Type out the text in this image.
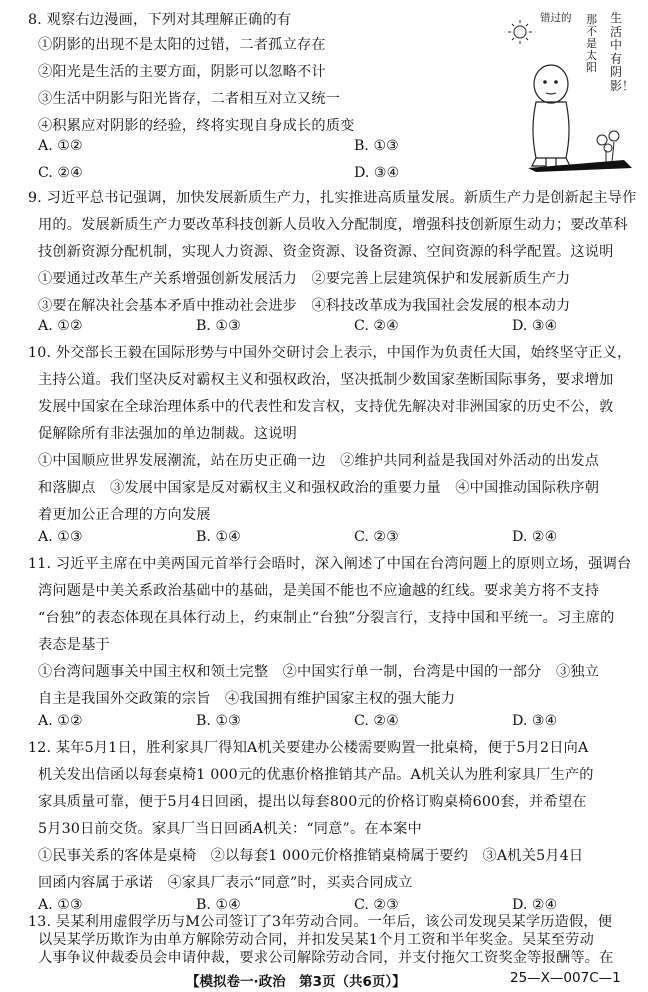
8. 观察右边漫画，下列对其理解正确的有
①阴影的出现不是太阳的过错，二者孤立存在
②阳光是生活的主要方面，阴影可以忽略不计
③生活中阴影与阳光皆存，二者相互对立又统一
④积累应对阴影的经验，终将实现自身成长的质变
A. ①②	B. ①③
C. ②④	D. ③④
错过的 那不是太阳
生活中有阴影！
9. 习近平总书记强调，加快发展新质生产力，扎实推进高质量发展。新质生产力是创新起主导作
用的。发展新质生产力要改革科技创新人员收入分配制度，增强科技创新原生动力；要改革科
技创新资源分配机制，实现人力资源、资金资源、设备资源、空间资源的科学配置。这说明
①要通过改革生产关系增强创新发展活力　②要完善上层建筑保护和发展新质生产力
③要在解决社会基本矛盾中推动社会进步　④科技改革成为我国社会发展的根本动力
A. ①②	B. ①③	C. ②④	D. ③④
10. 外交部长王毅在国际形势与中国外交研讨会上表示，中国作为负责任大国，始终坚守正义，
主持公道。我们坚决反对霸权主义和强权政治，坚决抵制少数国家垄断国际事务，要求增加
发展中国家在全球治理体系中的代表性和发言权，支持优先解决对非洲国家的历史不公，敦
促解除所有非法强加的单边制裁。这说明
①中国顺应世界发展潮流，站在历史正确一边　②维护共同利益是我国对外活动的出发点
和落脚点　③发展中国家是反对霸权主义和强权政治的重要力量　④中国推动国际秩序朝
着更加公正合理的方向发展
A. ①③	B. ①④	C. ②③	D. ②④
11. 习近平主席在中美两国元首举行会晤时，深入阐述了中国在台湾问题上的原则立场，强调台
湾问题是中美关系政治基础中的基础，是美国不能也不应逾越的红线。要求美方将不支持
“台独”的表态体现在具体行动上，约束制止“台独”分裂言行，支持中国和平统一。习主席的
表态是基于
①台湾问题事关中国主权和领土完整　②中国实行单一制，台湾是中国的一部分　③独立
自主是我国外交政策的宗旨　④我国拥有维护国家主权的强大能力
A. ①②	B. ①③	C. ②④	D. ③④
12. 某年5月1日，胜利家具厂得知A机关要建办公楼需要购置一批桌椅，便于5月2日向A
机关发出信函以每套桌椅1 000元的优惠价格推销其产品。A机关认为胜利家具厂生产的
家具质量可靠，便于5月4日回函，提出以每套800元的价格订购桌椅600套，并希望在
5月30日前交货。家具厂当日回函A机关：“同意”。在本案中
①民事关系的客体是桌椅　②以每套1 000元价格推销桌椅属于要约　③A机关5月4日
回函内容属于承诺　④家具厂表示“同意”时，买卖合同成立
A. ①③	B. ①④	C. ②③	D. ②④
13. 吴某利用虚假学历与M公司签订了3年劳动合同。一年后，该公司发现吴某学历造假，便
以吴某学历欺诈为由单方解除劳动合同，并扣发吴某1个月工资和半年奖金。吴某至劳动
人事争议仲裁委员会申请仲裁，要求公司解除劳动合同，并支付拖欠工资奖金等报酬等。在
【模拟卷一·政治　第3页（共6页）】	25—X—007C—1
